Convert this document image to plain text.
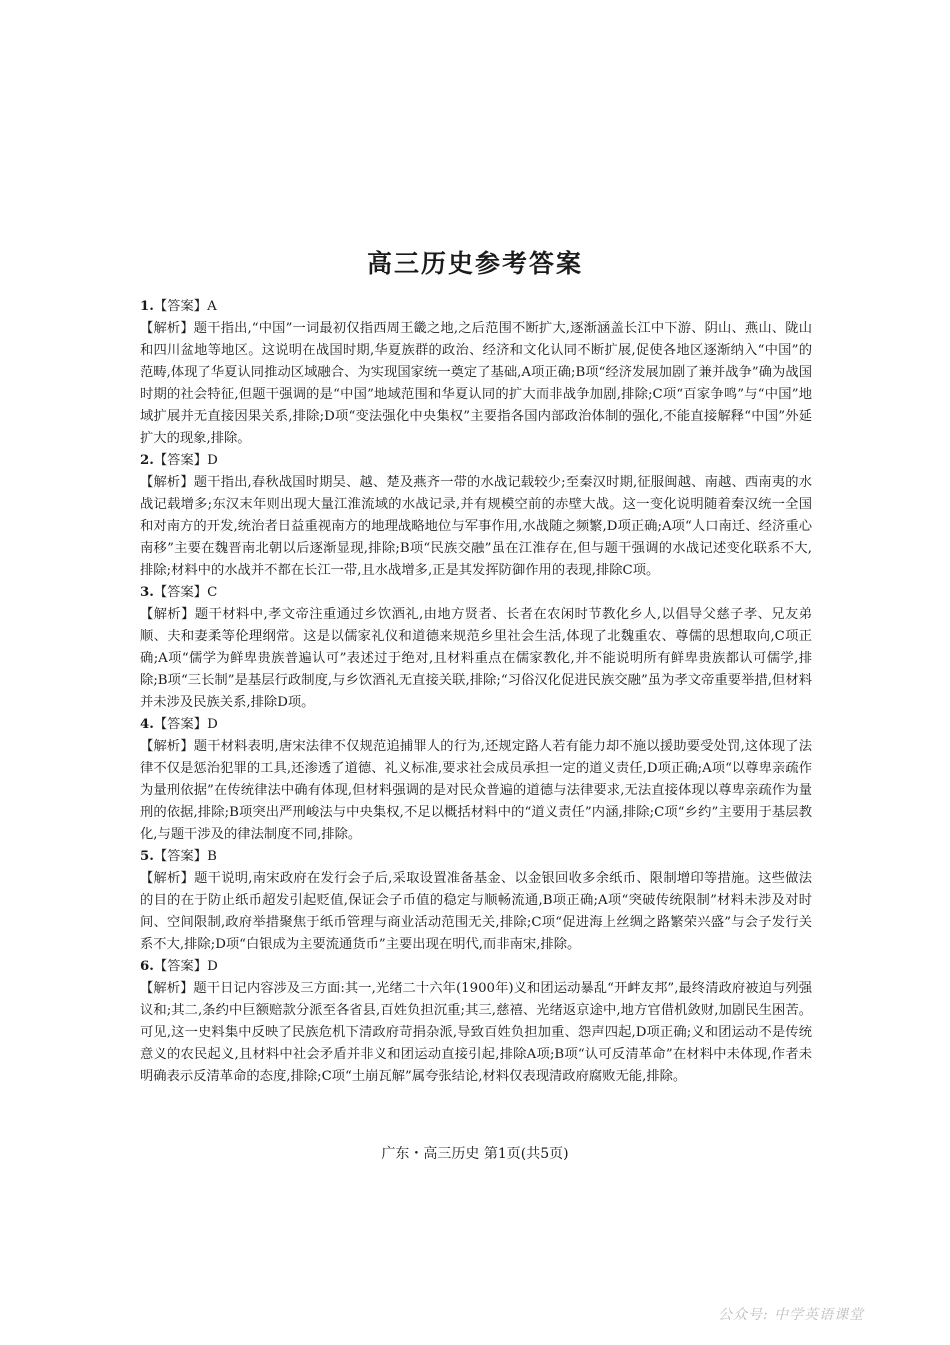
高三历史参考答案

1.【答案】A

【解析】题干指出,“中国”一词最初仅指西周王畿之地,之后范围不断扩大,逐渐涵盖长江中下游、阴山、燕山、陇山和四川盆地等地区。这说明在战国时期,华夏族群的政治、经济和文化认同不断扩展,促使各地区逐渐纳入“中国”的范畴,体现了华夏认同推动区域融合、为实现国家统一奠定了基础,A项正确;B项“经济发展加剧了兼并战争”确为战国时期的社会特征,但题干强调的是“中国”地域范围和华夏认同的扩大而非战争加剧,排除;C项“百家争鸣”与“中国”地域扩展并无直接因果关系,排除;D项“变法强化中央集权”主要指各国内部政治体制的强化,不能直接解释“中国”外延扩大的现象,排除。

2.【答案】D

【解析】题干指出,春秋战国时期吴、越、楚及燕齐一带的水战记载较少;至秦汉时期,征服闽越、南越、西南夷的水战记载增多;东汉末年则出现大量江淮流域的水战记录,并有规模空前的赤壁大战。这一变化说明随着秦汉统一全国和对南方的开发,统治者日益重视南方的地理战略地位与军事作用,水战随之频繁,D项正确;A项“人口南迁、经济重心南移”主要在魏晋南北朝以后逐渐显现,排除;B项“民族交融”虽在江淮存在,但与题干强调的水战记述变化联系不大,排除;材料中的水战并不都在长江一带,且水战增多,正是其发挥防御作用的表现,排除C项。

3.【答案】C

【解析】题干材料中,孝文帝注重通过乡饮酒礼,由地方贤者、长者在农闲时节教化乡人,以倡导父慈子孝、兄友弟顺、夫和妻柔等伦理纲常。这是以儒家礼仪和道德来规范乡里社会生活,体现了北魏重农、尊儒的思想取向,C项正确;A项“儒学为鲜卑贵族普遍认可”表述过于绝对,且材料重点在儒家教化,并不能说明所有鲜卑贵族都认可儒学,排除;B项“三长制”是基层行政制度,与乡饮酒礼无直接关联,排除;“习俗汉化促进民族交融”虽为孝文帝重要举措,但材料并未涉及民族关系,排除D项。

4.【答案】D

【解析】题干材料表明,唐宋法律不仅规范追捕罪人的行为,还规定路人若有能力却不施以援助要受处罚,这体现了法律不仅是惩治犯罪的工具,还渗透了道德、礼义标准,要求社会成员承担一定的道义责任,D项正确;A项“以尊卑亲疏作为量刑依据”在传统律法中确有体现,但材料强调的是对民众普遍的道德与法律要求,无法直接体现以尊卑亲疏作为量刑的依据,排除;B项突出严刑峻法与中央集权,不足以概括材料中的“道义责任”内涵,排除;C项“乡约”主要用于基层教化,与题干涉及的律法制度不同,排除。

5.【答案】B

【解析】题干说明,南宋政府在发行会子后,采取设置准备基金、以金银回收多余纸币、限制增印等措施。这些做法的目的在于防止纸币超发引起贬值,保证会子币值的稳定与顺畅流通,B项正确;A项“突破传统限制”材料未涉及对时间、空间限制,政府举措聚焦于纸币管理与商业活动范围无关,排除;C项“促进海上丝绸之路繁荣兴盛”与会子发行关系不大,排除;D项“白银成为主要流通货币”主要出现在明代,而非南宋,排除。

6.【答案】D

【解析】题干日记内容涉及三方面:其一,光绪二十六年(1900年)义和团运动暴乱“开衅友邦”,最终清政府被迫与列强议和;其二,条约中巨额赔款分派至各省县,百姓负担沉重;其三,慈禧、光绪返京途中,地方官借机敛财,加剧民生困苦。可见,这一史料集中反映了民族危机下清政府苛捐杂派,导致百姓负担加重、怨声四起,D项正确;义和团运动不是传统意义的农民起义,且材料中社会矛盾并非义和团运动直接引起,排除A项;B项“认可反清革命”在材料中未体现,作者未明确表示反清革命的态度,排除;C项“土崩瓦解”属夸张结论,材料仅表现清政府腐败无能,排除。

广东・高三历史 第1页(共5页)
公众号: 中学英语课堂
